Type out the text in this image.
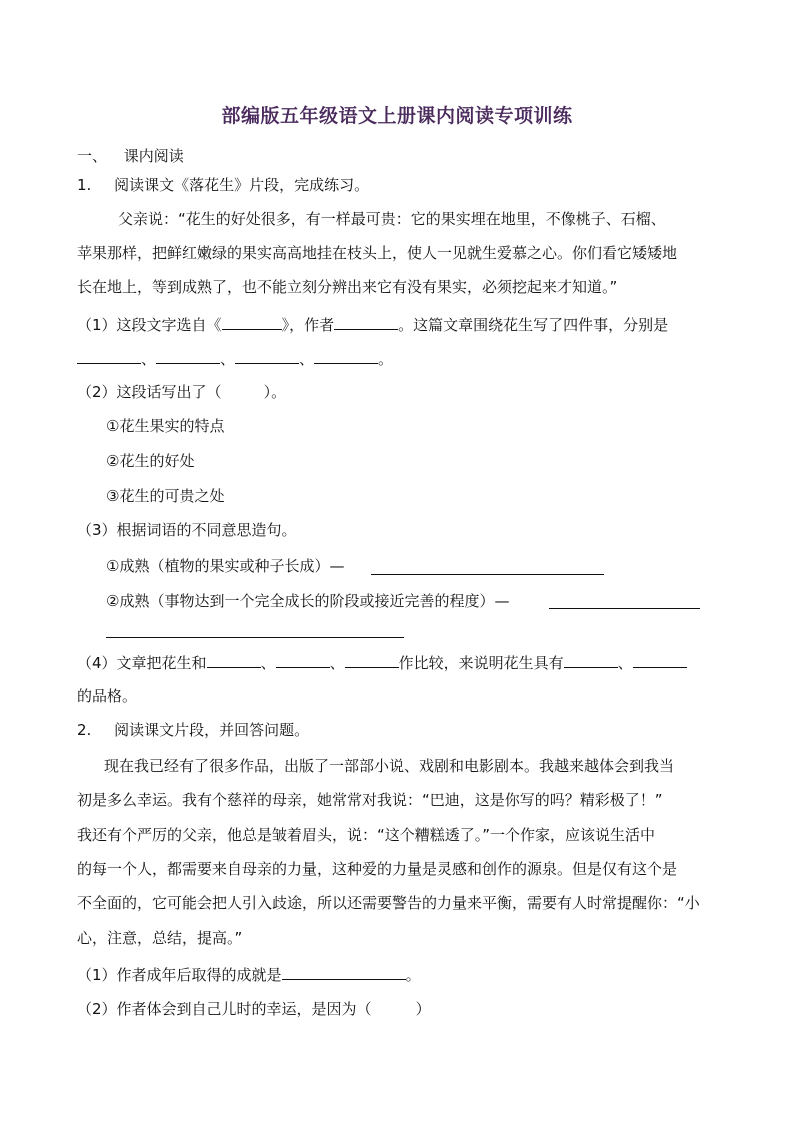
部编版五年级语文上册课内阅读专项训练
一、 课内阅读
1. 阅读课文《落花生》片段，完成练习。
父亲说：“花生的好处很多，有一样最可贵：它的果实埋在地里，不像桃子、石榴、
苹果那样，把鲜红嫩绿的果实高高地挂在枝头上，使人一见就生爱慕之心。你们看它矮矮地
长在地上，等到成熟了，也不能立刻分辨出来它有没有果实，必须挖起来才知道。”
（1）这段文字选自《	》，作者	。这篇文章围绕花生写了四件事，分别是
、	、	、	。
（2）这段话写出了（	）。
①花生果实的特点
②花生的好处
③花生的可贵之处
（3）根据词语的不同意思造句。
①成熟（植物的果实或种子长成）—
②成熟（事物达到一个完全成长的阶段或接近完善的程度）—
（4）文章把花生和	、	、	作比较，来说明花生具有	、
的品格。
2. 阅读课文片段，并回答问题。
现在我已经有了很多作品，出版了一部部小说、戏剧和电影剧本。我越来越体会到我当
初是多么幸运。我有个慈祥的母亲，她常常对我说：“巴迪，这是你写的吗？精彩极了！”
我还有个严厉的父亲，他总是皱着眉头，说：“这个糟糕透了。”一个作家，应该说生活中
的每一个人，都需要来自母亲的力量，这种爱的力量是灵感和创作的源泉。但是仅有这个是
不全面的，它可能会把人引入歧途，所以还需要警告的力量来平衡，需要有人时常提醒你：“小
心，注意，总结，提高。”
（1）作者成年后取得的成就是	。
（2）作者体会到自己儿时的幸运，是因为（	）
